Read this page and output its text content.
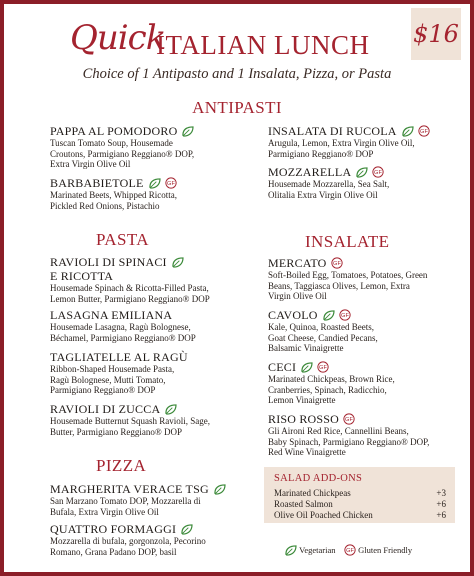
Quick
ITALIAN LUNCH $16
Choice of 1 Antipasto and 1 Insalata, Pizza, or Pasta
ANTIPASTI
PAPPA AL POMODORO
Tuscan Tomato Soup, Housemade
Croutons, Parmigiano Reggiano® DOP,
Extra Virgin Olive Oil
BARBABIETOLE
Marinated Beets, Whipped Ricotta,
Pickled Red Onions, Pistachio
INSALATA DI RUCOLA
Arugula, Lemon, Extra Virgin Olive Oil,
Parmigiano Reggiano® DOP
MOZZARELLA
Housemade Mozzarella, Sea Salt,
Olitalia Extra Virgin Olive Oil
PASTA
RAVIOLI DI SPINACI
E RICOTTA
Housemade Spinach & Ricotta-Filled Pasta,
Lemon Butter, Parmigiano Reggiano® DOP
LASAGNA EMILIANA
Housemade Lasagna, Ragù Bolognese,
Béchamel, Parmigiano Reggiano® DOP
TAGLIATELLE AL RAGÙ
Ribbon-Shaped Housemade Pasta,
Ragù Bolognese, Mutti Tomato,
Parmigiano Reggiano® DOP
RAVIOLI DI ZUCCA
Housemade Butternut Squash Ravioli, Sage,
Butter, Parmigiano Reggiano® DOP
PIZZA
MARGHERITA VERACE TSG
San Marzano Tomato DOP, Mozzarella di
Bufala, Extra Virgin Olive Oil
QUATTRO FORMAGGI
Mozzarella di bufala, gorgonzola, Pecorino
Romano, Grana Padano DOP, basil
INSALATE
MERCATO
Soft-Boiled Egg, Tomatoes, Potatoes, Green
Beans, Taggiasca Olives, Lemon, Extra
Virgin Olive Oil
CAVOLO
Kale, Quinoa, Roasted Beets,
Goat Cheese, Candied Pecans,
Balsamic Vinaigrette
CECI
Marinated Chickpeas, Brown Rice,
Cranberries, Spinach, Radicchio,
Lemon Vinaigrette
RISO ROSSO
Gli Aironi Red Rice, Cannellini Beans,
Baby Spinach, Parmigiano Reggiano® DOP,
Red Wine Vinaigrette
SALAD ADD-ONS
Marinated Chickpeas	+3
Roasted Salmon	+6
Olive Oil Poached Chicken	+6
Vegetarian	Gluten Friendly
